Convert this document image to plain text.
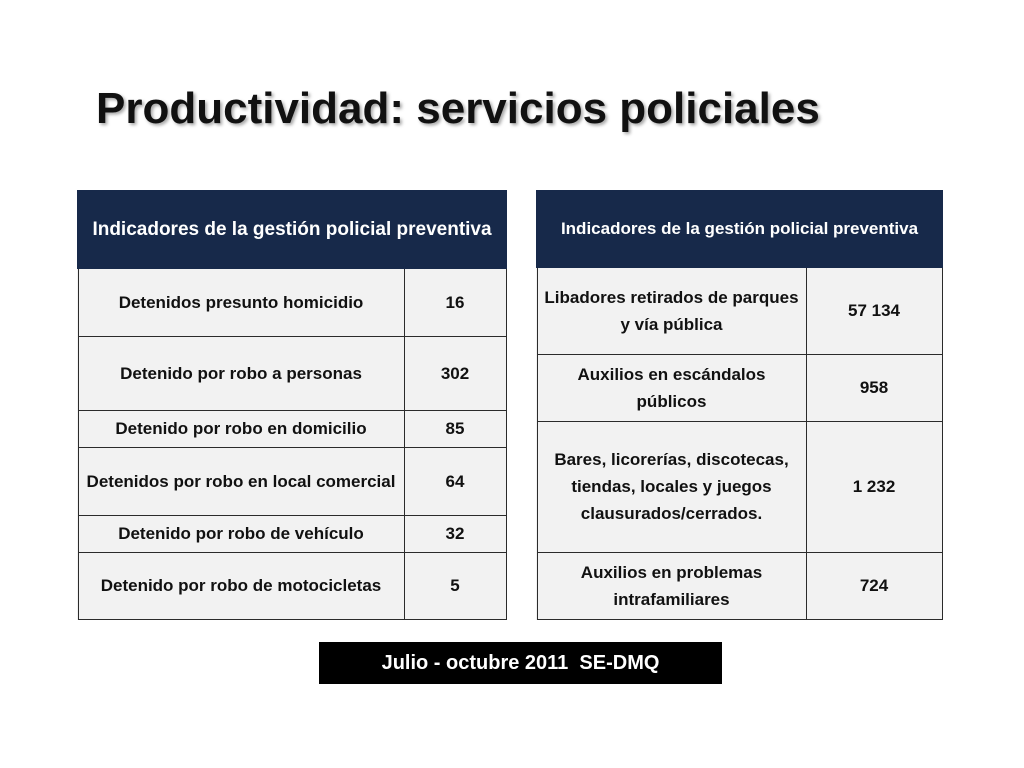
Productividad: servicios policiales
Indicadores de la gestión policial preventiva	
Detenidos presunto homicidio	16
Detenido por robo a personas	302
Detenido por robo en domicilio	85
Detenidos por robo en local comercial	64
Detenido por robo de vehículo	32
Detenido por robo de motocicletas	5
Indicadores de la gestión policial preventiva	
Libadores retirados de parques y vía pública	57 134
Auxilios en escándalos públicos	958
Bares, licorerías, discotecas, tiendas, locales y juegos clausurados/cerrados.	1 232
Auxilios en problemas intrafamiliares	724
Julio - octubre 2011  SE-DMQ
